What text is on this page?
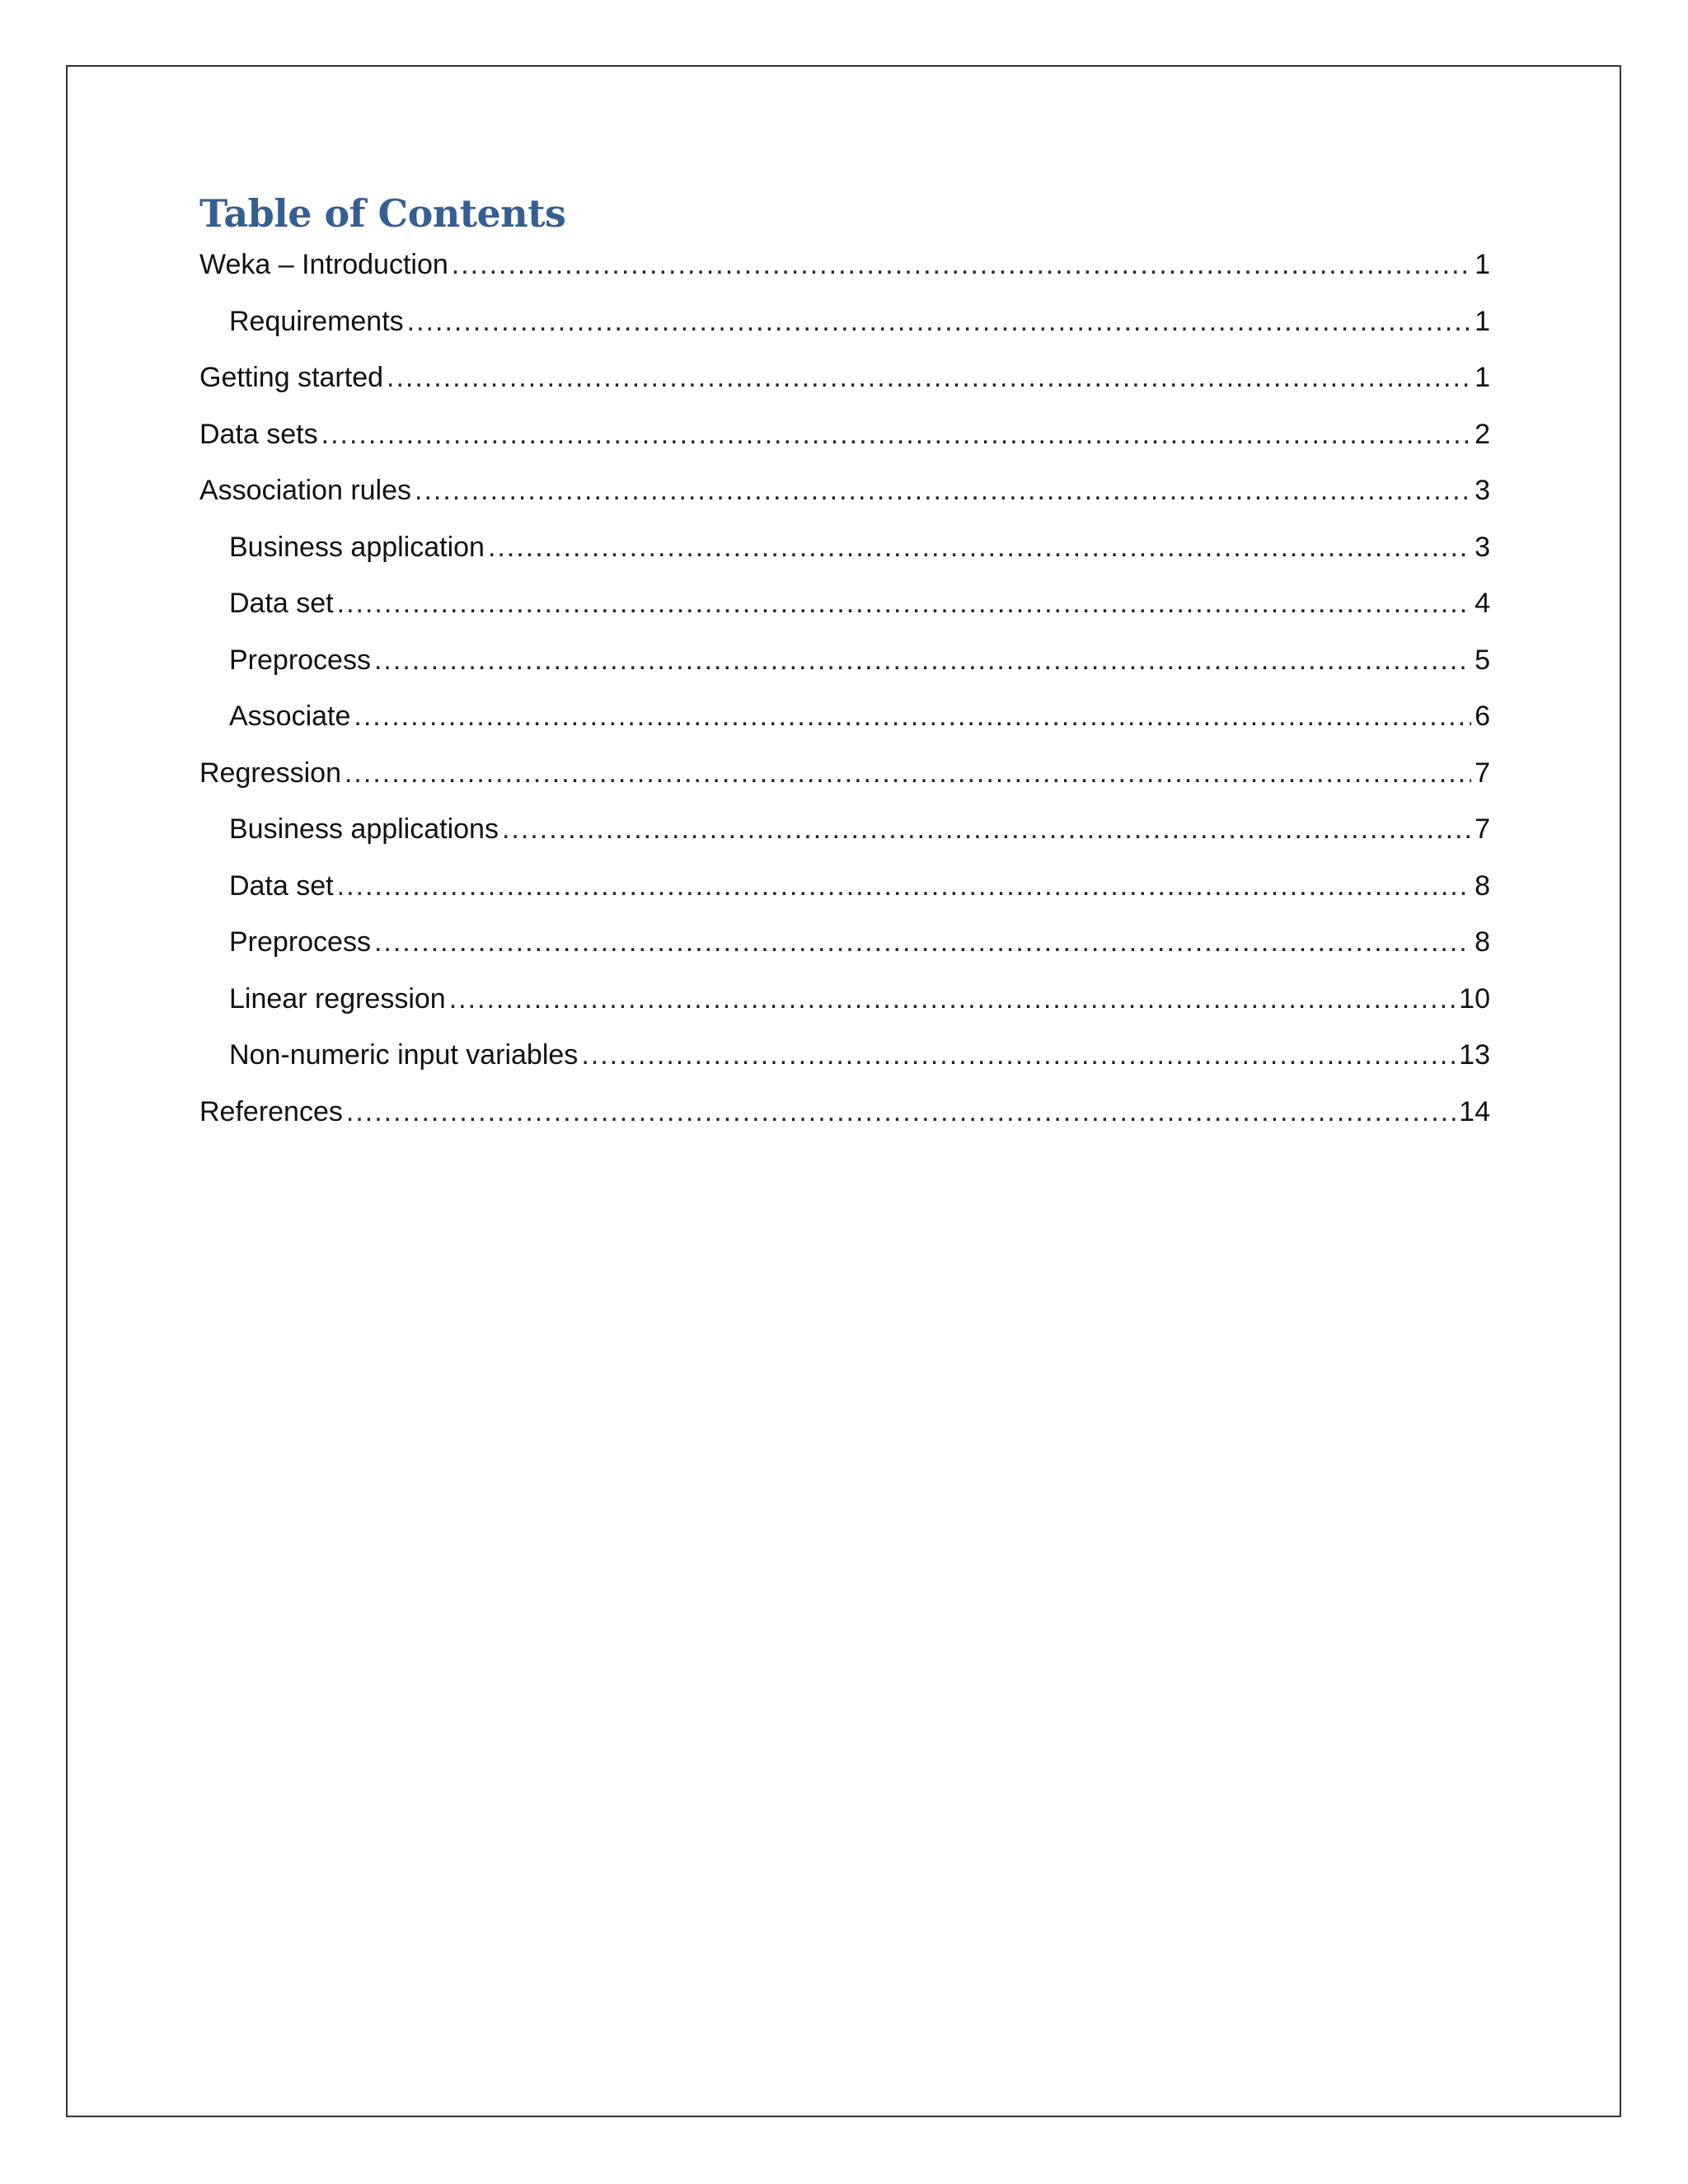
Table of Contents
Weka – Introduction .....	1
Requirements .....	1
Getting started .....	1
Data sets .....	2
Association rules .....	3
Business application .....	3
Data set .....	4
Preprocess .....	5
Associate .....	6
Regression .....	7
Business applications .....	7
Data set .....	8
Preprocess .....	8
Linear regression .....	10
Non-numeric input variables .....	13
References .....	14
